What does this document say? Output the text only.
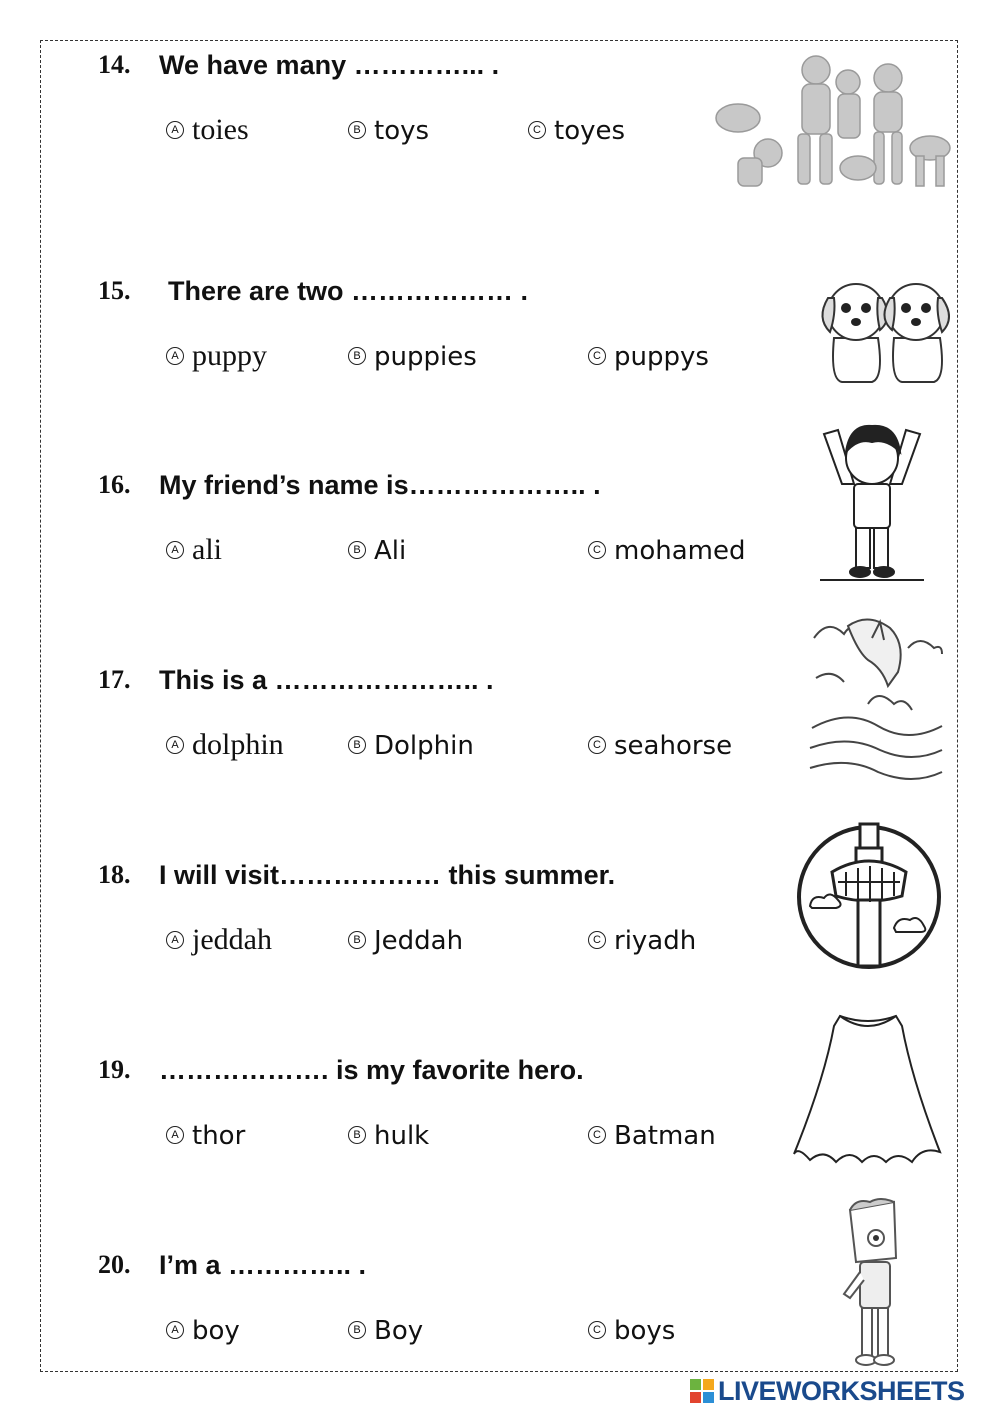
14. We have many …………... .
A toies	B toys	C toyes
15. There are two ……………… .
A puppy	B puppies	C puppys
16. My friend’s name is……………….. .
A ali	B Ali	C mohamed
17. This is a ………………….. .
A dolphin	B Dolphin	C seahorse
18. I will visit……………… this summer.
A jeddah	B Jeddah	C riyadh
19. ………………. is my favorite hero.
A thor	B hulk	C Batman
20. I’m a ………….. .
A boy	B Boy	C boys
LIVEWORKSHEETS
